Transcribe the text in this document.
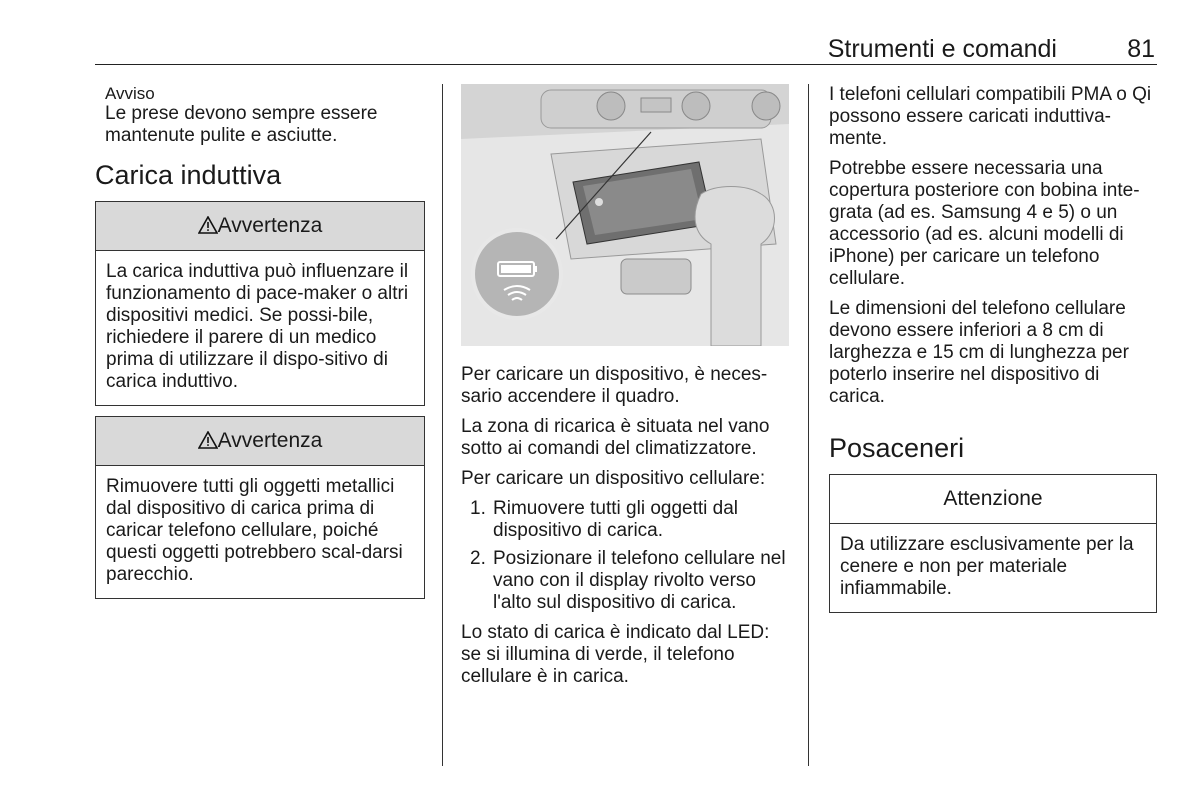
Strumenti e comandi	81
Avviso
Le prese devono sempre essere mantenute pulite e asciutte.
Carica induttiva
Avvertenza
La carica induttiva può influenzare il funzionamento di pace-maker o altri dispositivi medici. Se possi-bile, richiedere il parere di un medico prima di utilizzare il dispo-sitivo di carica induttivo.
Avvertenza
Rimuovere tutti gli oggetti metallici dal dispositivo di carica prima di caricar telefono cellulare, poiché questi oggetti potrebbero scal-darsi parecchio.

Per caricare un dispositivo, è neces-sario accendere il quadro.

La zona di ricarica è situata nel vano sotto ai comandi del climatizzatore.

Per caricare un dispositivo cellulare:

1. Rimuovere tutti gli oggetti dal dispositivo di carica.
2. Posizionare il telefono cellulare nel vano con il display rivolto verso l'alto sul dispositivo di carica.

Lo stato di carica è indicato dal LED: se si illumina di verde, il telefono cellulare è in carica.

I telefoni cellulari compatibili PMA o Qi possono essere caricati induttiva-mente.

Potrebbe essere necessaria una copertura posteriore con bobina inte-grata (ad es. Samsung 4 e 5) o un accessorio (ad es. alcuni modelli di iPhone) per caricare un telefono cellulare.

Le dimensioni del telefono cellulare devono essere inferiori a 8 cm di larghezza e 15 cm di lunghezza per poterlo inserire nel dispositivo di carica.

Posaceneri
Attenzione
Da utilizzare esclusivamente per la cenere e non per materiale infiammabile.
